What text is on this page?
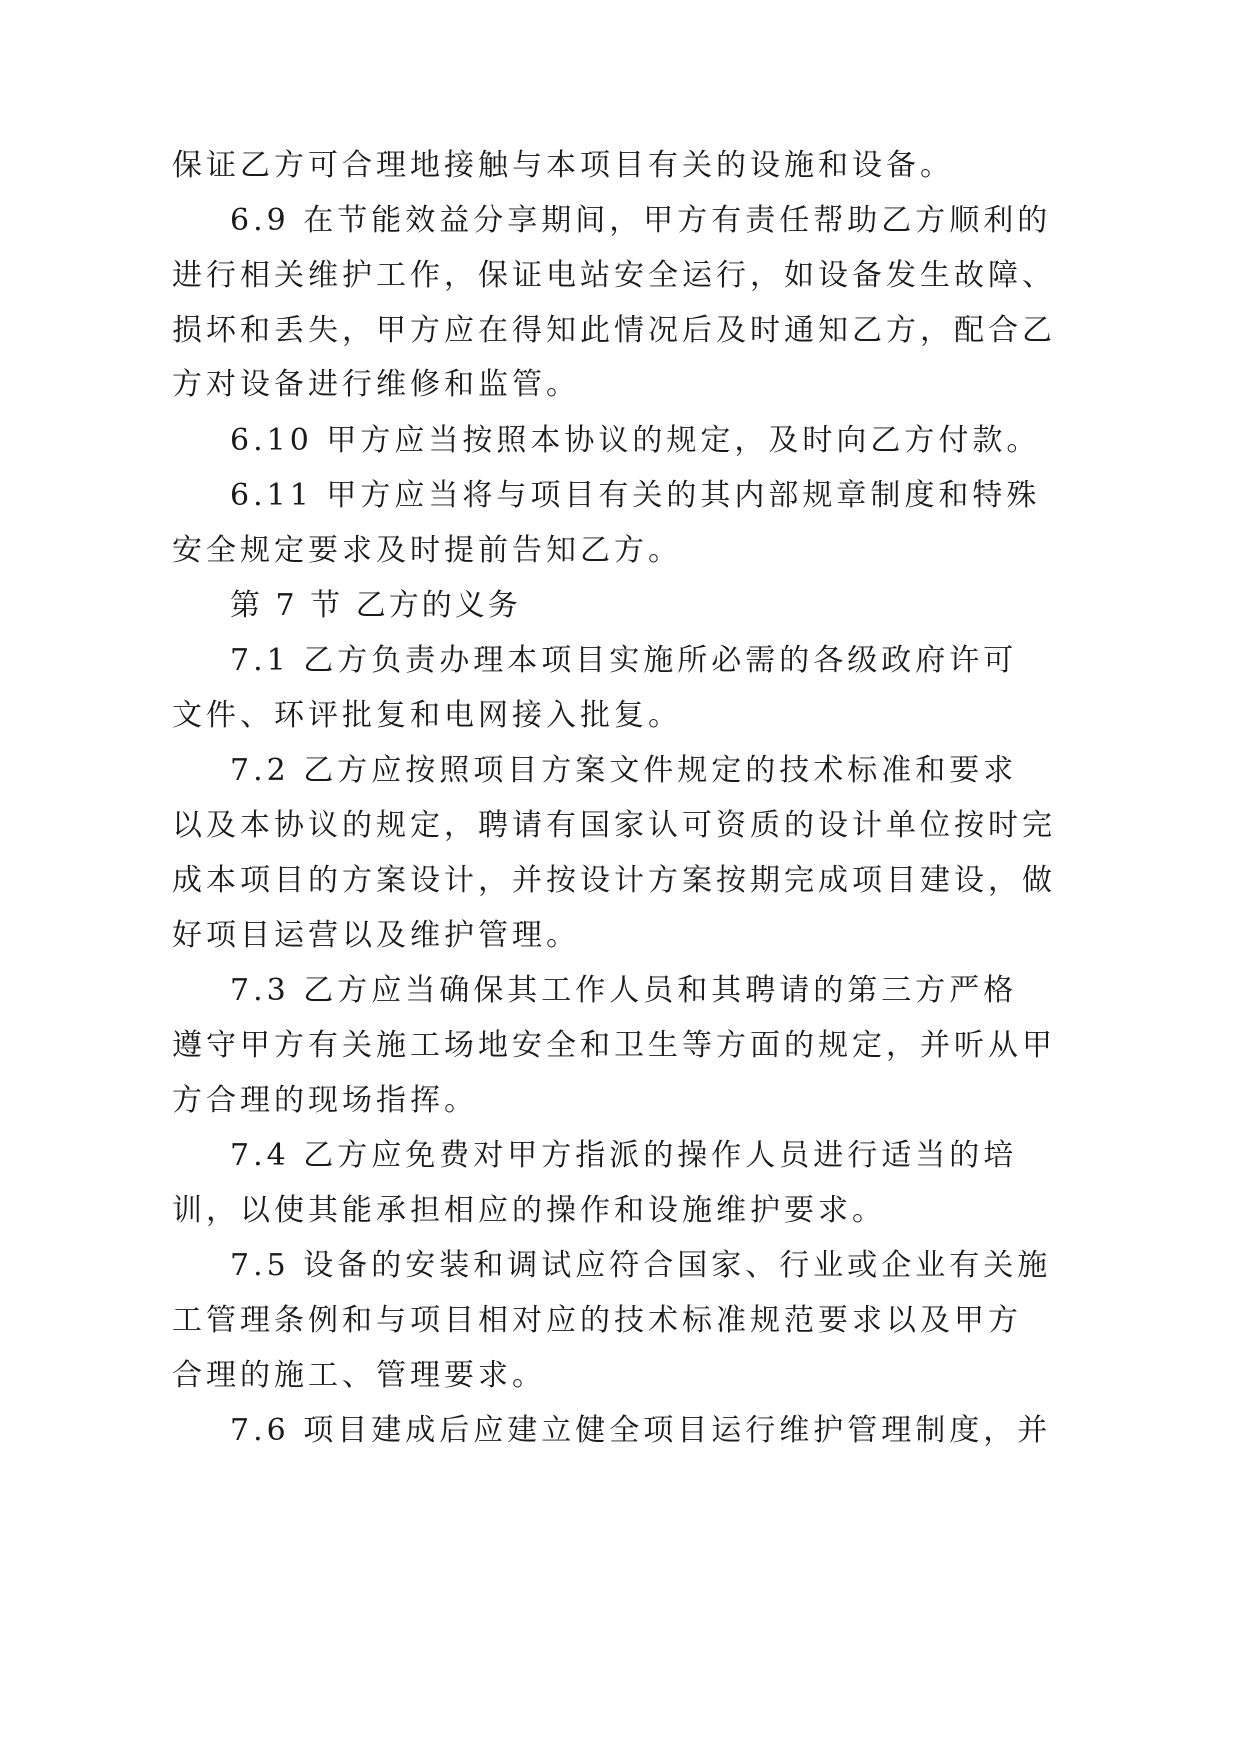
保证乙方可合理地接触与本项目有关的设施和设备。
6.9 在节能效益分享期间，甲方有责任帮助乙方顺利的
进行相关维护工作，保证电站安全运行，如设备发生故障、
损坏和丢失，甲方应在得知此情况后及时通知乙方，配合乙
方对设备进行维修和监管。
6.10 甲方应当按照本协议的规定，及时向乙方付款。
6.11 甲方应当将与项目有关的其内部规章制度和特殊
安全规定要求及时提前告知乙方。
第 7 节 乙方的义务
7.1 乙方负责办理本项目实施所必需的各级政府许可
文件、环评批复和电网接入批复。
7.2 乙方应按照项目方案文件规定的技术标准和要求
以及本协议的规定，聘请有国家认可资质的设计单位按时完
成本项目的方案设计，并按设计方案按期完成项目建设，做
好项目运营以及维护管理。
7.3 乙方应当确保其工作人员和其聘请的第三方严格
遵守甲方有关施工场地安全和卫生等方面的规定，并听从甲
方合理的现场指挥。
7.4 乙方应免费对甲方指派的操作人员进行适当的培
训，以使其能承担相应的操作和设施维护要求。
7.5 设备的安装和调试应符合国家、行业或企业有关施
工管理条例和与项目相对应的技术标准规范要求以及甲方
合理的施工、管理要求。
7.6 项目建成后应建立健全项目运行维护管理制度，并
